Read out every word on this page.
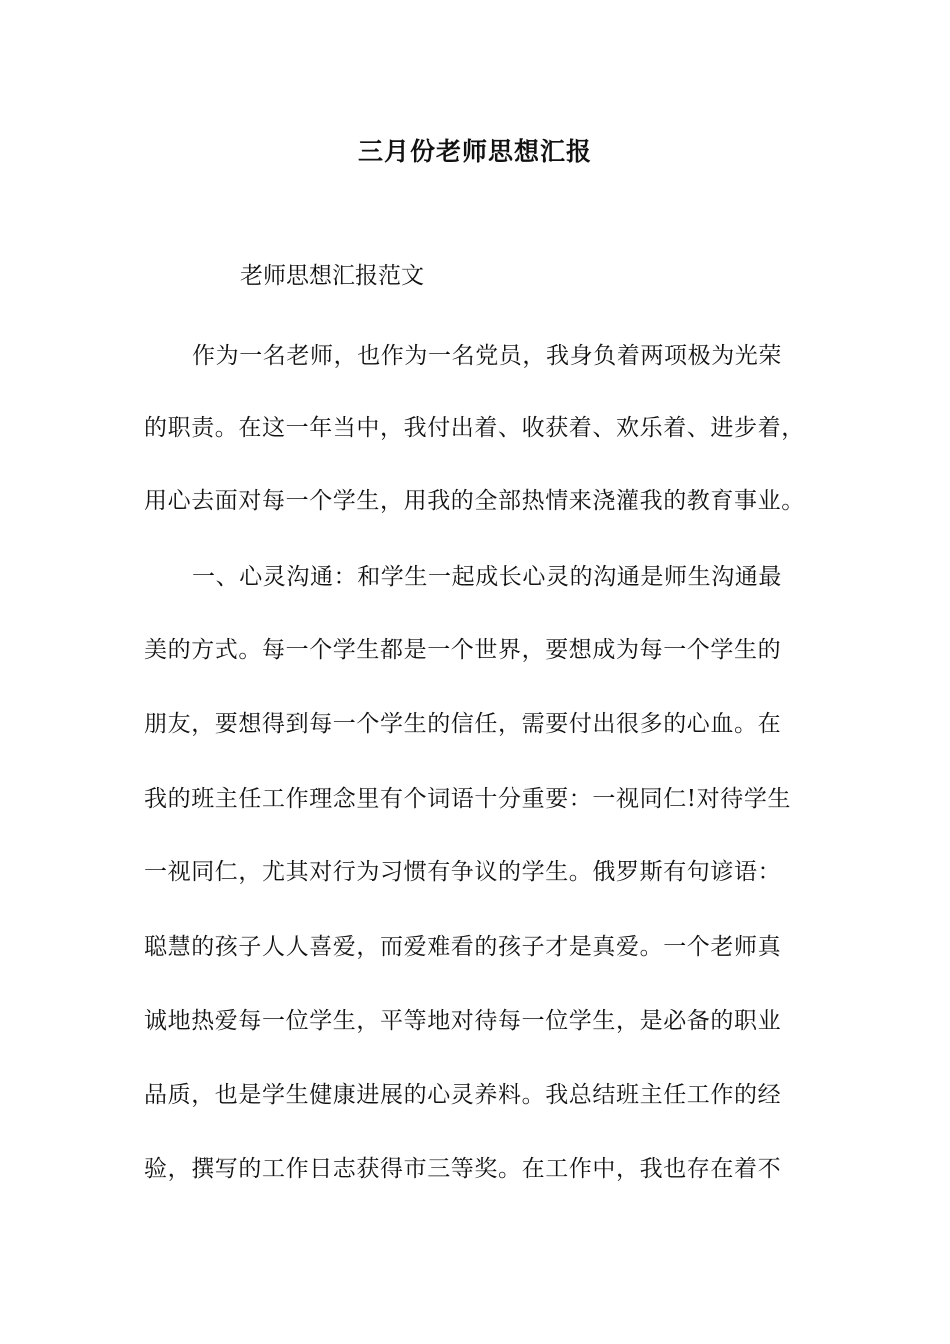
三月份老师思想汇报
老师思想汇报范文
作为一名老师，也作为一名党员，我身负着两项极为光荣
的职责。在这一年当中，我付出着、收获着、欢乐着、进步着，
用心去面对每一个学生，用我的全部热情来浇灌我的教育事业。
一、心灵沟通：和学生一起成长心灵的沟通是师生沟通最
美的方式。每一个学生都是一个世界，要想成为每一个学生的
朋友，要想得到每一个学生的信任，需要付出很多的心血。在
我的班主任工作理念里有个词语十分重要：一视同仁!对待学生
一视同仁，尤其对行为习惯有争议的学生。俄罗斯有句谚语：
聪慧的孩子人人喜爱，而爱难看的孩子才是真爱。一个老师真
诚地热爱每一位学生，平等地对待每一位学生，是必备的职业
品质，也是学生健康进展的心灵养料。我总结班主任工作的经
验，撰写的工作日志获得市三等奖。在工作中，我也存在着不
